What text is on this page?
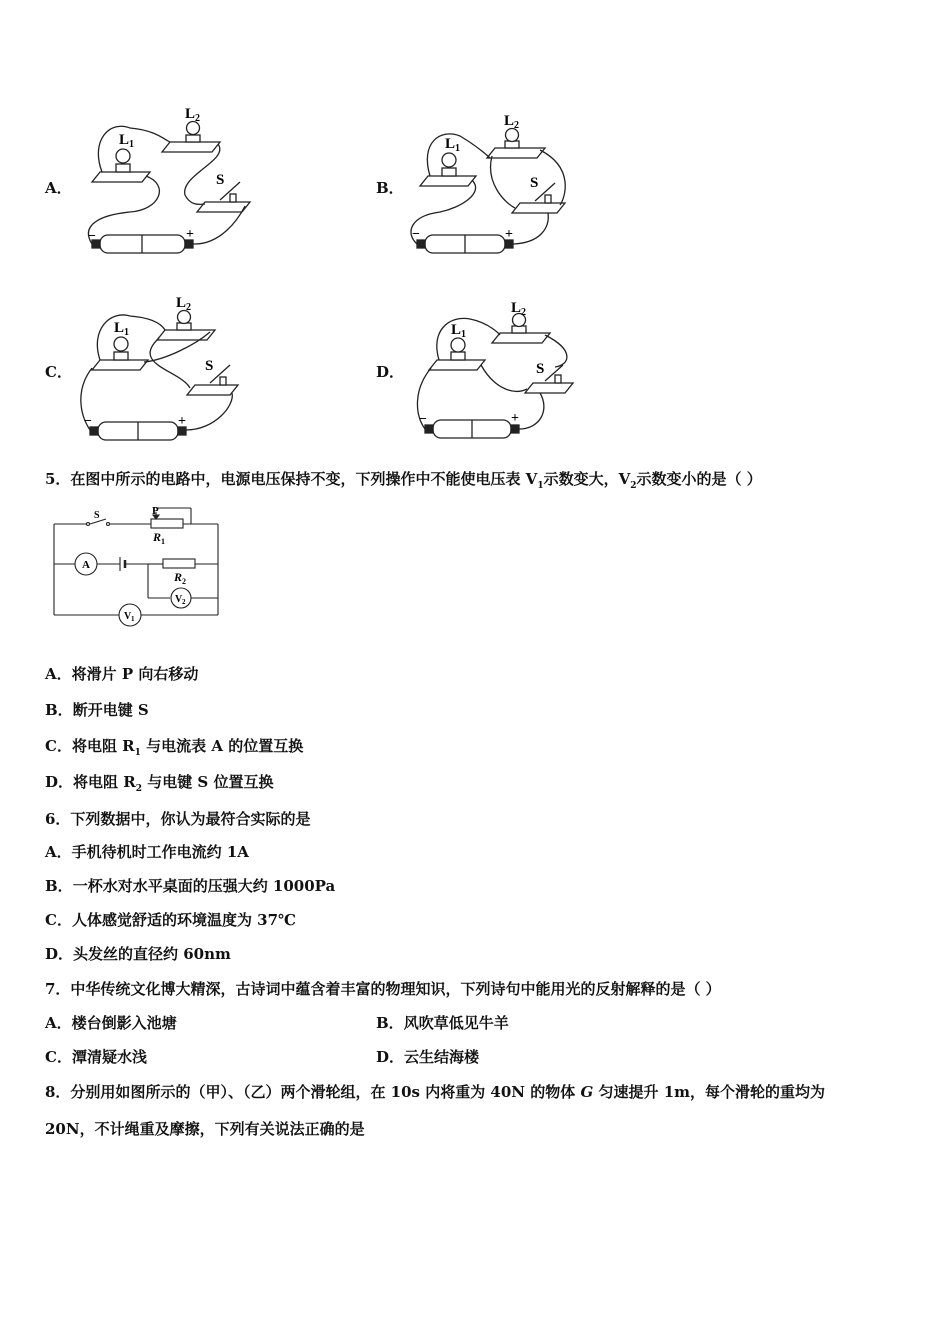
A．
L 1
L 2
S
−	+
B．
L 1
L 2
S
−	+
C．
L 1
L 2
S
−	+
D．
L 1
L 2
S
−	+
5．在图中所示的电路中，电源电压保持不变，下列操作中不能使电压表 $V_1$示数变大，$V_2$示数变小的是（ ）
S	P
R 1
R 2
A
V 2
V 1
A．将滑片 P 向右移动
B．断开电键 S
C．将电阻 $R_1$ 与电流表 A 的位置互换
D．将电阻 $R_2$ 与电键 S 位置互换
6．下列数据中，你认为最符合实际的是
A．手机待机时工作电流约 1A
B．一杯水对水平桌面的压强大约 1000Pa
C．人体感觉舒适的环境温度为 37℃
D．头发丝的直径约 60nm
7．中华传统文化博大精深，古诗词中蕴含着丰富的物理知识，下列诗句中能用光的反射解释的是（ ）
A．楼台倒影入池塘	B．风吹草低见牛羊
C．潭清疑水浅	D．云生结海楼
8．分别用如图所示的（甲）、（乙）两个滑轮组，在 10s 内将重为 40N 的物体 G 匀速提升 1m，每个滑轮的重均为
20N，不计绳重及摩擦，下列有关说法正确的是
